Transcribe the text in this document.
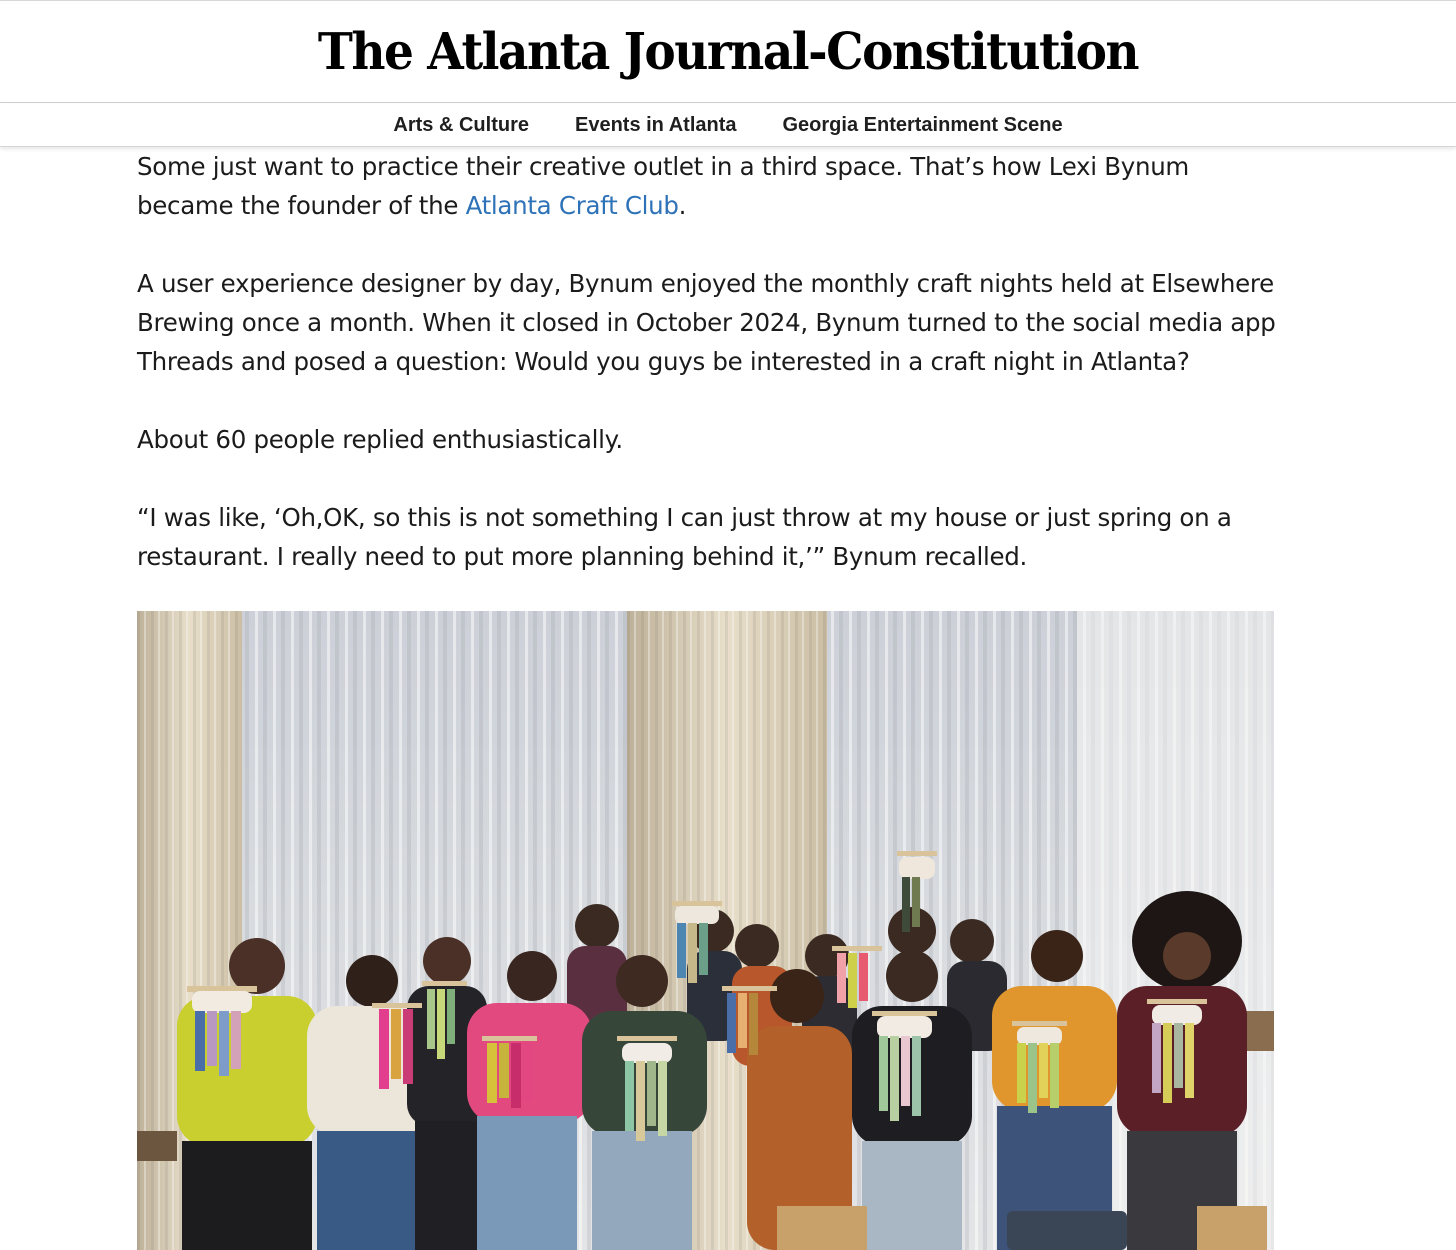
The Atlanta Journal-Constitution
Arts & Culture Events in Atlanta Georgia Entertainment Scene

Some just want to practice their creative outlet in a third space. That’s how Lexi Bynum became the founder of the Atlanta Craft Club.

A user experience designer by day, Bynum enjoyed the monthly craft nights held at Elsewhere Brewing once a month. When it closed in October 2024, Bynum turned to the social media app Threads and posed a question: Would you guys be interested in a craft night in Atlanta?

About 60 people replied enthusiastically.

“I was like, ‘Oh,OK, so this is not something I can just throw at my house or just spring on a restaurant. I really need to put more planning behind it,’” Bynum recalled.
